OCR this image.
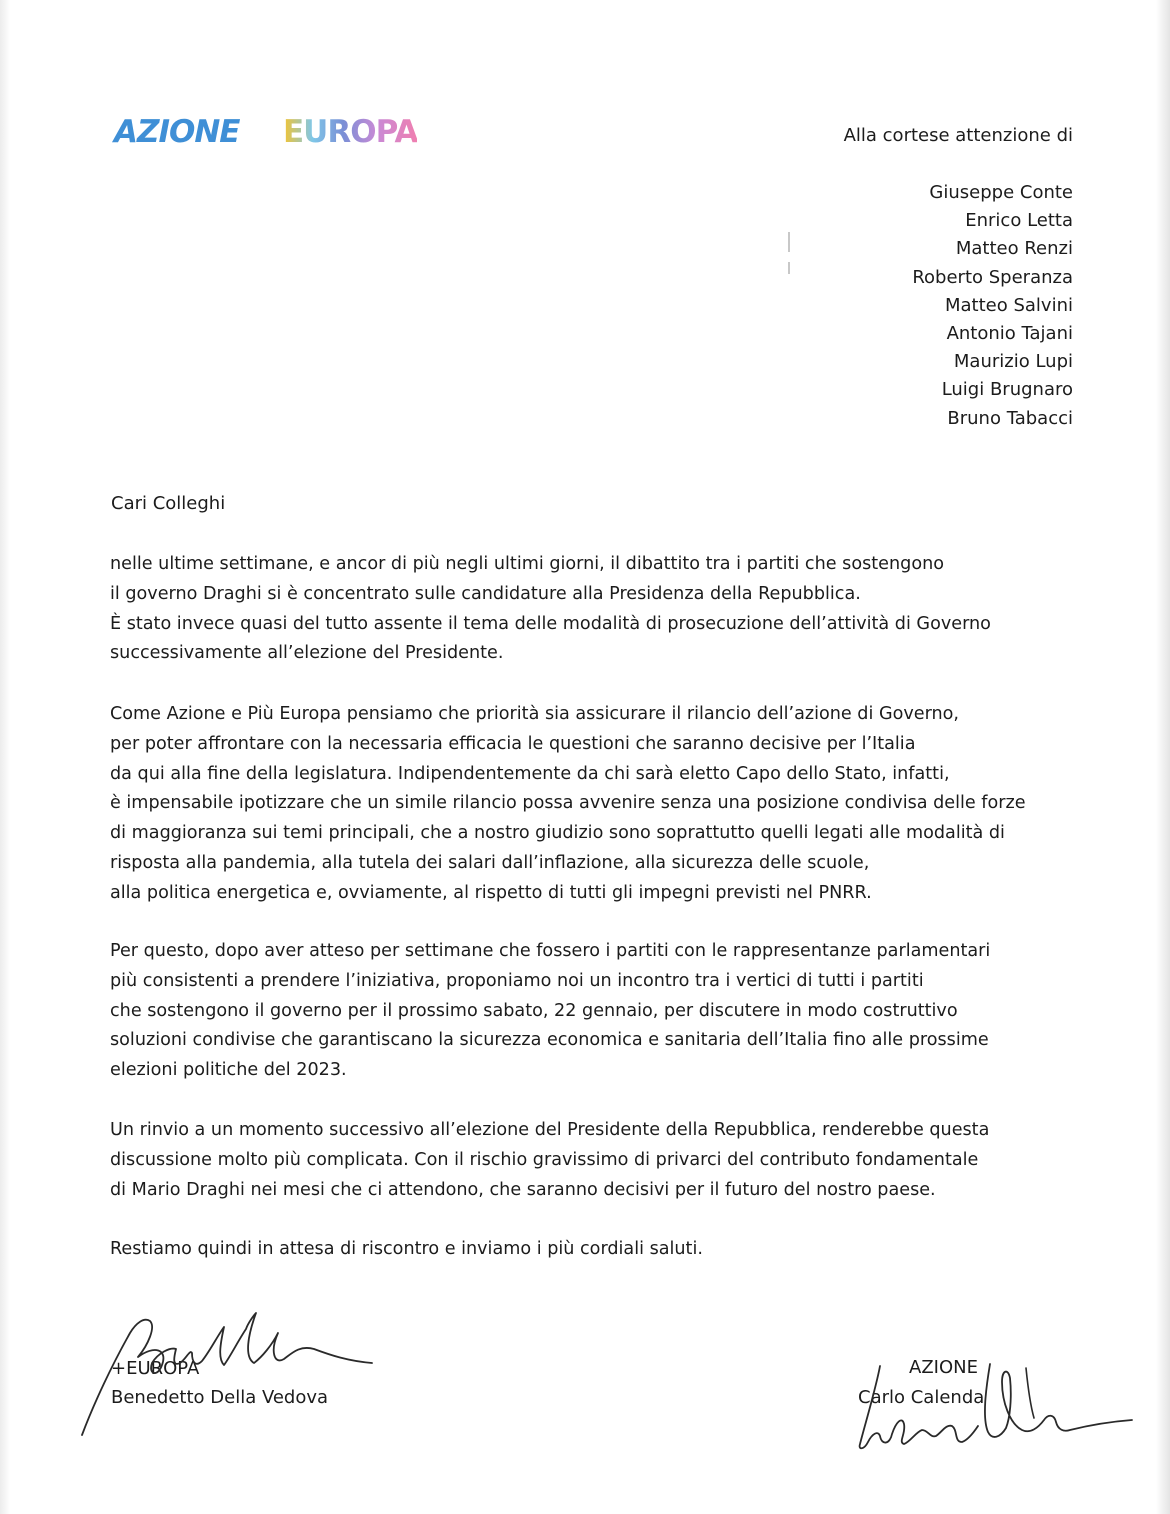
AZIONE EUROPA	Alla cortese attenzione di
Giuseppe Conte
Enrico Letta
Matteo Renzi
Roberto Speranza
Matteo Salvini
Antonio Tajani
Maurizio Lupi
Luigi Brugnaro
Bruno Tabacci
Cari Colleghi
nelle ultime settimane, e ancor di più negli ultimi giorni, il dibattito tra i partiti che sostengono
il governo Draghi si è concentrato sulle candidature alla Presidenza della Repubblica.
È stato invece quasi del tutto assente il tema delle modalità di prosecuzione dell’attività di Governo
successivamente all’elezione del Presidente.
Come Azione e Più Europa pensiamo che priorità sia assicurare il rilancio dell’azione di Governo,
per poter affrontare con la necessaria efficacia le questioni che saranno decisive per l’Italia
da qui alla fine della legislatura. Indipendentemente da chi sarà eletto Capo dello Stato, infatti,
è impensabile ipotizzare che un simile rilancio possa avvenire senza una posizione condivisa delle forze
di maggioranza sui temi principali, che a nostro giudizio sono soprattutto quelli legati alle modalità di
risposta alla pandemia, alla tutela dei salari dall’inflazione, alla sicurezza delle scuole,
alla politica energetica e, ovviamente, al rispetto di tutti gli impegni previsti nel PNRR.
Per questo, dopo aver atteso per settimane che fossero i partiti con le rappresentanze parlamentari
più consistenti a prendere l’iniziativa, proponiamo noi un incontro tra i vertici di tutti i partiti
che sostengono il governo per il prossimo sabato, 22 gennaio, per discutere in modo costruttivo
soluzioni condivise che garantiscano la sicurezza economica e sanitaria dell’Italia fino alle prossime
elezioni politiche del 2023.
Un rinvio a un momento successivo all’elezione del Presidente della Repubblica, renderebbe questa
discussione molto più complicata. Con il rischio gravissimo di privarci del contributo fondamentale
di Mario Draghi nei mesi che ci attendono, che saranno decisivi per il futuro del nostro paese.
Restiamo quindi in attesa di riscontro e inviamo i più cordiali saluti.
+EUROPA
Benedetto Della Vedova
AZIONE
Carlo Calenda
